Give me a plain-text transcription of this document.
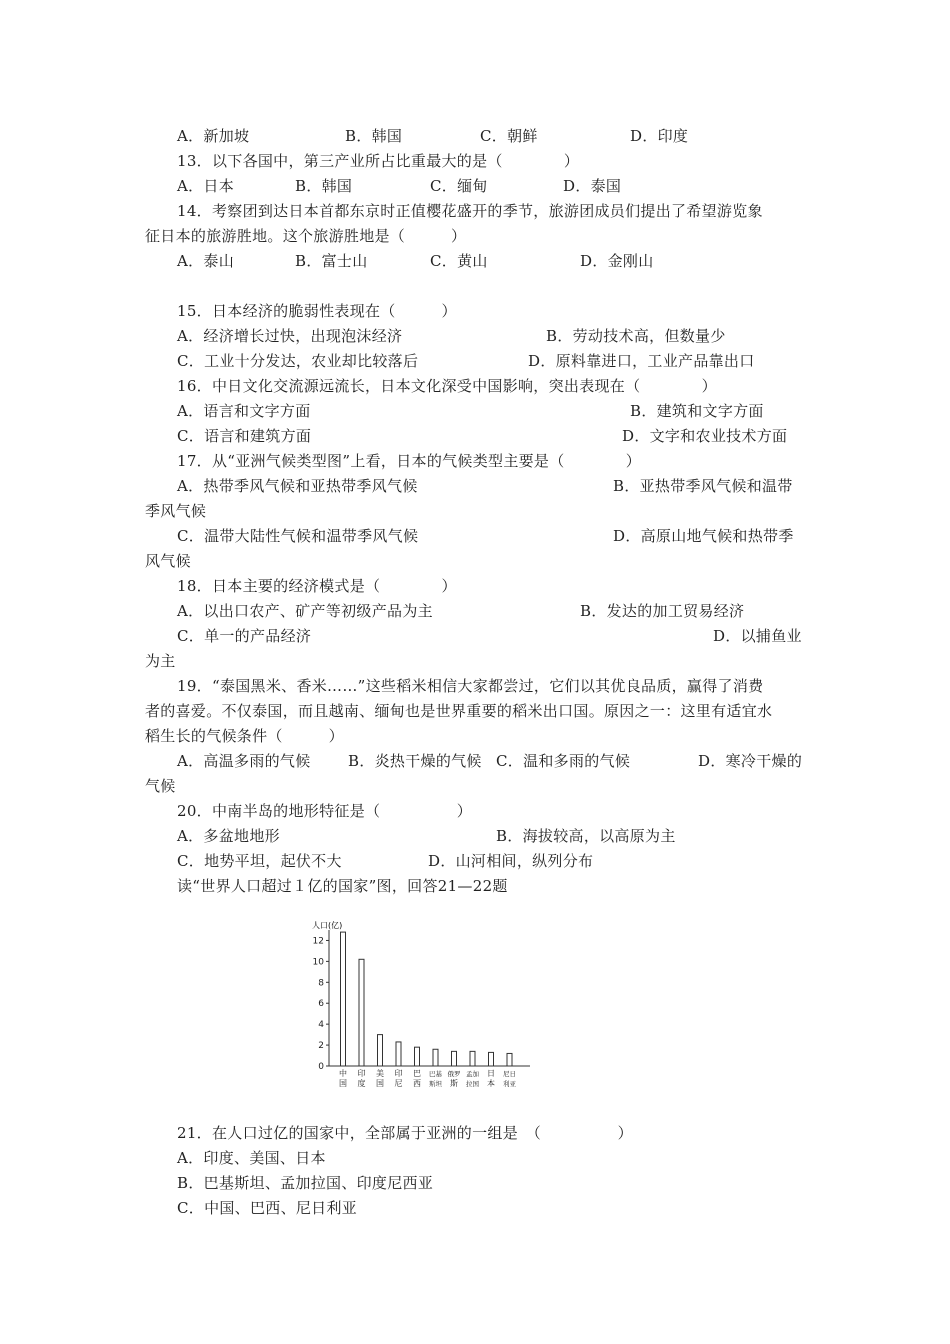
A．新加坡	B．韩国	C．朝鲜	D．印度
13．以下各国中，第三产业所占比重最大的是（　　　　）
A．日本	B．韩国	C．缅甸	D．泰国
14．考察团到达日本首都东京时正值樱花盛开的季节，旅游团成员们提出了希望游览象
征日本的旅游胜地。这个旅游胜地是（　　　）
A．泰山	B．富士山	C．黄山	D．金刚山
15．日本经济的脆弱性表现在（　　　）
A．经济增长过快，出现泡沫经济	B．劳动技术高，但数量少
C．工业十分发达，农业却比较落后	D．原料靠进口，工业产品靠出口
16．中日文化交流源远流长，日本文化深受中国影响，突出表现在（　　　　）
A．语言和文字方面	B．建筑和文字方面
C．语言和建筑方面	D．文字和农业技术方面
17．从“亚洲气候类型图”上看，日本的气候类型主要是（　　　　）
A．热带季风气候和亚热带季风气候	B．亚热带季风气候和温带
季风气候
C．温带大陆性气候和温带季风气候	D．高原山地气候和热带季
风气候
18．日本主要的经济模式是（　　　　）
A．以出口农产、矿产等初级产品为主	B．发达的加工贸易经济
C．单一的产品经济	D．以捕鱼业
为主
19．“泰国黑米、香米……”这些稻米相信大家都尝过，它们以其优良品质，赢得了消费
者的喜爱。不仅泰国，而且越南、缅甸也是世界重要的稻米出口国。原因之一：这里有适宜水
稻生长的气候条件（　　　）
A．高温多雨的气候 B．炎热干燥的气候 C．温和多雨的气候	D．寒冷干燥的
气候
20．中南半岛的地形特征是（　　　　　）
A．多盆地地形	B．海拔较高，以高原为主
C．地势平坦，起伏不大	D．山河相间，纵列分布
读“世界人口超过１亿的国家”图，回答21—22题
人口(亿)
0
2
4
6
8
10
12
中
国
印
度
美
国
印
尼
巴
西
巴基
斯坦
俄罗
斯
孟加
拉国
日
本
尼日
利亚
21．在人口过亿的国家中，全部属于亚洲的一组是　（　　　　　）
A．印度、美国、日本
B．巴基斯坦、孟加拉国、印度尼西亚
C．中国、巴西、尼日利亚
